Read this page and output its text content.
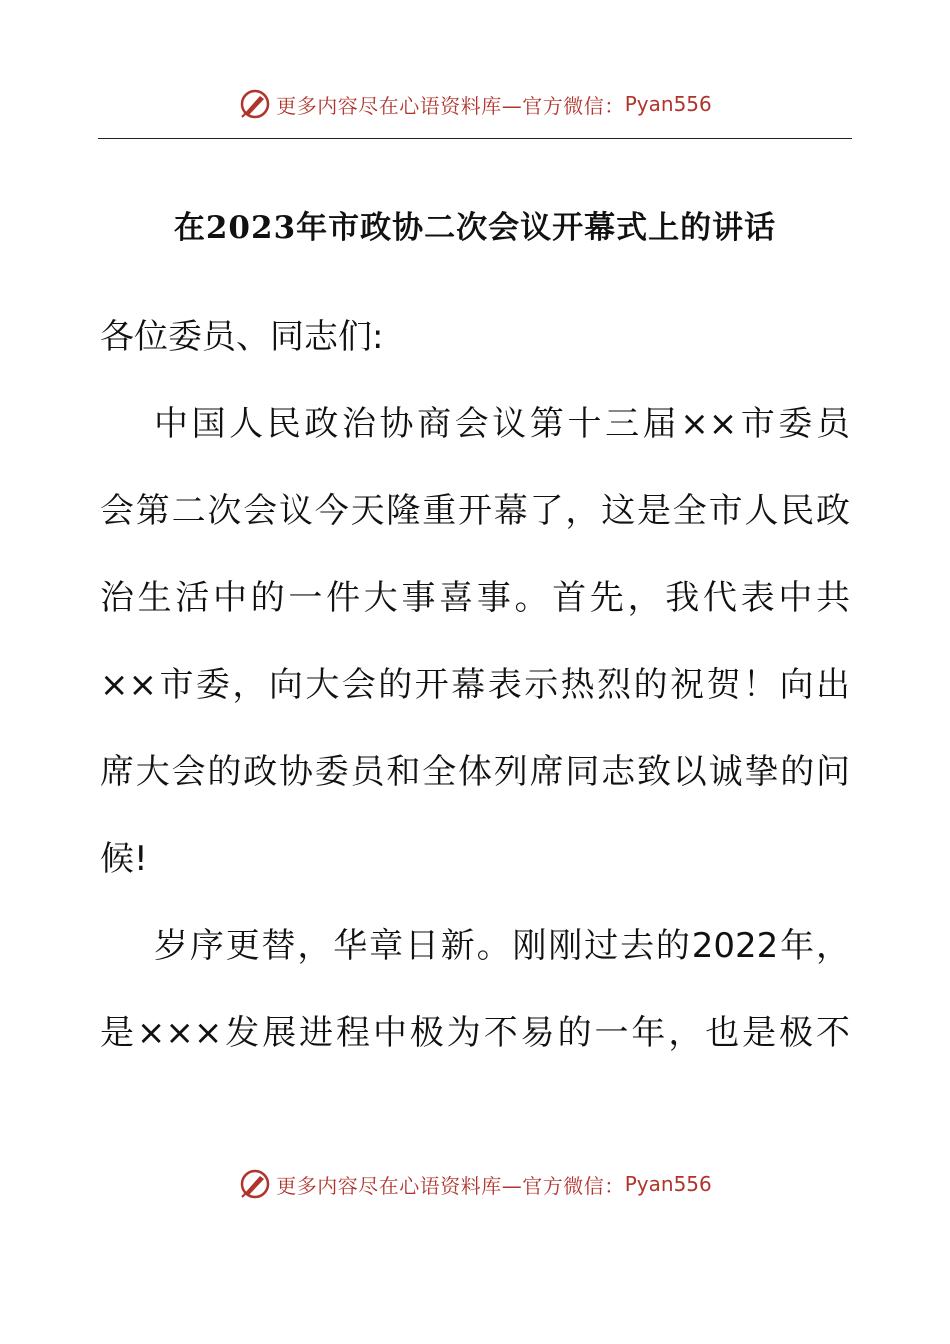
更多内容尽在心语资料库—官方微信： Pyan556
在2023年市政协二次会议开幕式上的讲话
各位委员、同志们:
中国人民政治协商会议第十三届××市委员
会第二次会议今天隆重开幕了，这是全市人民政
治生活中的一件大事喜事。首先，我代表中共
××市委，向大会的开幕表示热烈的祝贺！向出
席大会的政协委员和全体列席同志致以诚挚的问
候!
岁序更替，华章日新。刚刚过去的2022年，
是×××发展进程中极为不易的一年，也是极不
更多内容尽在心语资料库—官方微信： Pyan556
